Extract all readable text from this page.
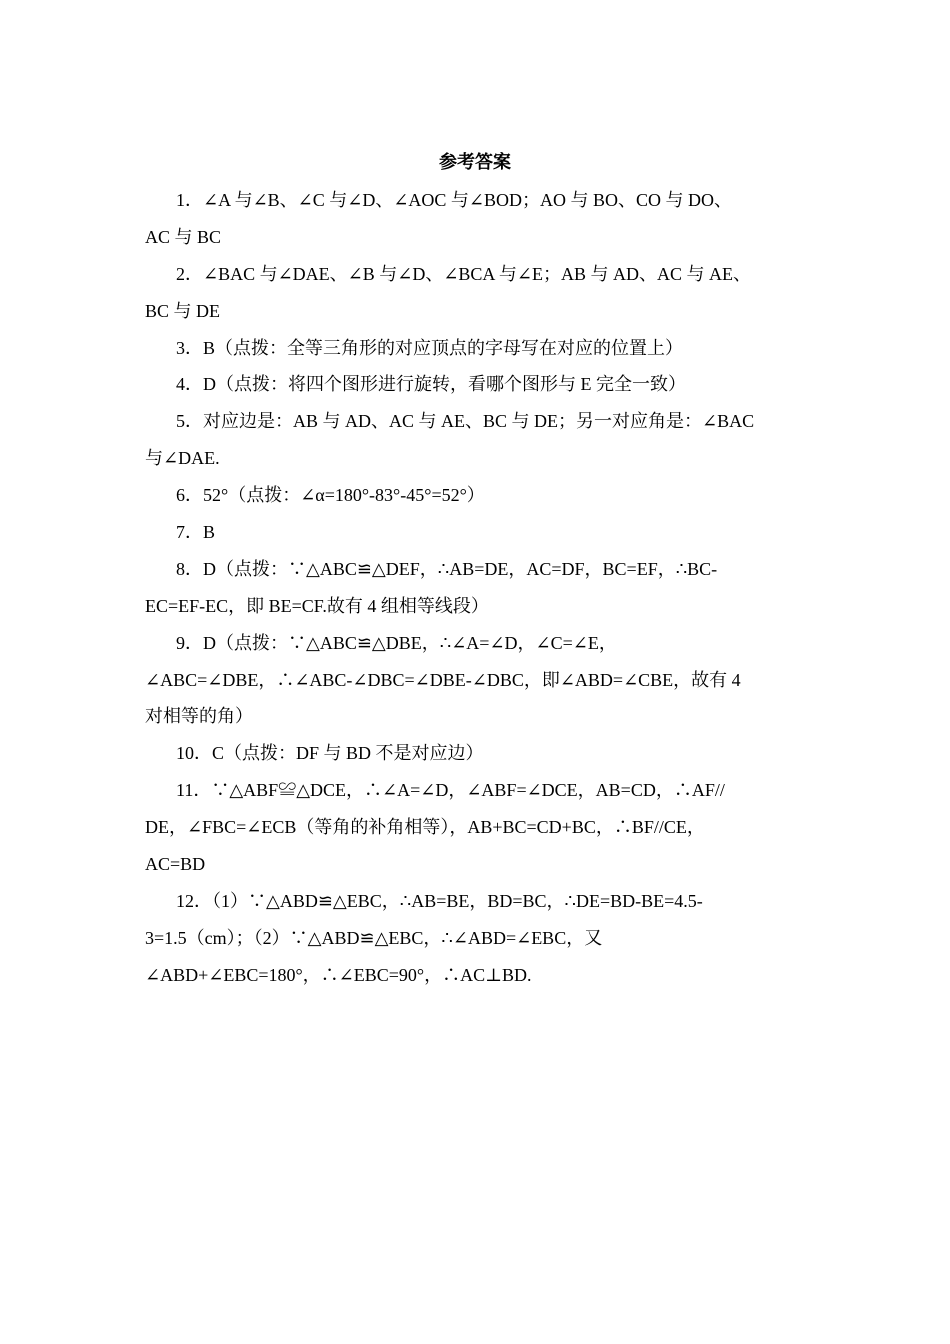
参考答案
1．∠A 与∠B、∠C 与∠D、∠AOC 与∠BOD；AO 与 BO、CO 与 DO、
AC 与 BC
2．∠BAC 与∠DAE、∠B 与∠D、∠BCA 与∠E；AB 与 AD、AC 与 AE、
BC 与 DE
3．B（点拨：全等三角形的对应顶点的字母写在对应的位置上）
4．D（点拨：将四个图形进行旋转，看哪个图形与 E 完全一致）
5．对应边是：AB 与 AD、AC 与 AE、BC 与 DE；另一对应角是：∠BAC
与∠DAE.
6．52°（点拨：∠α=180°-83°-45°=52°）
7．B
8．D（点拨：∵△ABC≌△DEF，∴AB=DE，AC=DF，BC=EF，∴BC-
EC=EF-EC，即 BE=CF.故有 4 组相等线段）
9．D（点拨：∵△ABC≌△DBE，∴∠A=∠D，∠C=∠E，
∠ABC=∠DBE，∴∠ABC-∠DBC=∠DBE-∠DBC，即∠ABD=∠CBE，故有 4
对相等的角）
10．C（点拨：DF 与 BD 不是对应边）
11．∵△ABF≌△DCE，∴∠A=∠D，∠ABF=∠DCE，AB=CD，∴AF//
DE，∠FBC=∠ECB（等角的补角相等），AB+BC=CD+BC，∴BF//CE，
AC=BD
12．（1）∵△ABD≌△EBC，∴AB=BE，BD=BC，∴DE=BD-BE=4.5-
3=1.5（cm）；（2）∵△ABD≌△EBC，∴∠ABD=∠EBC，又
∠ABD+∠EBC=180°，∴∠EBC=90°，∴AC⊥BD.
